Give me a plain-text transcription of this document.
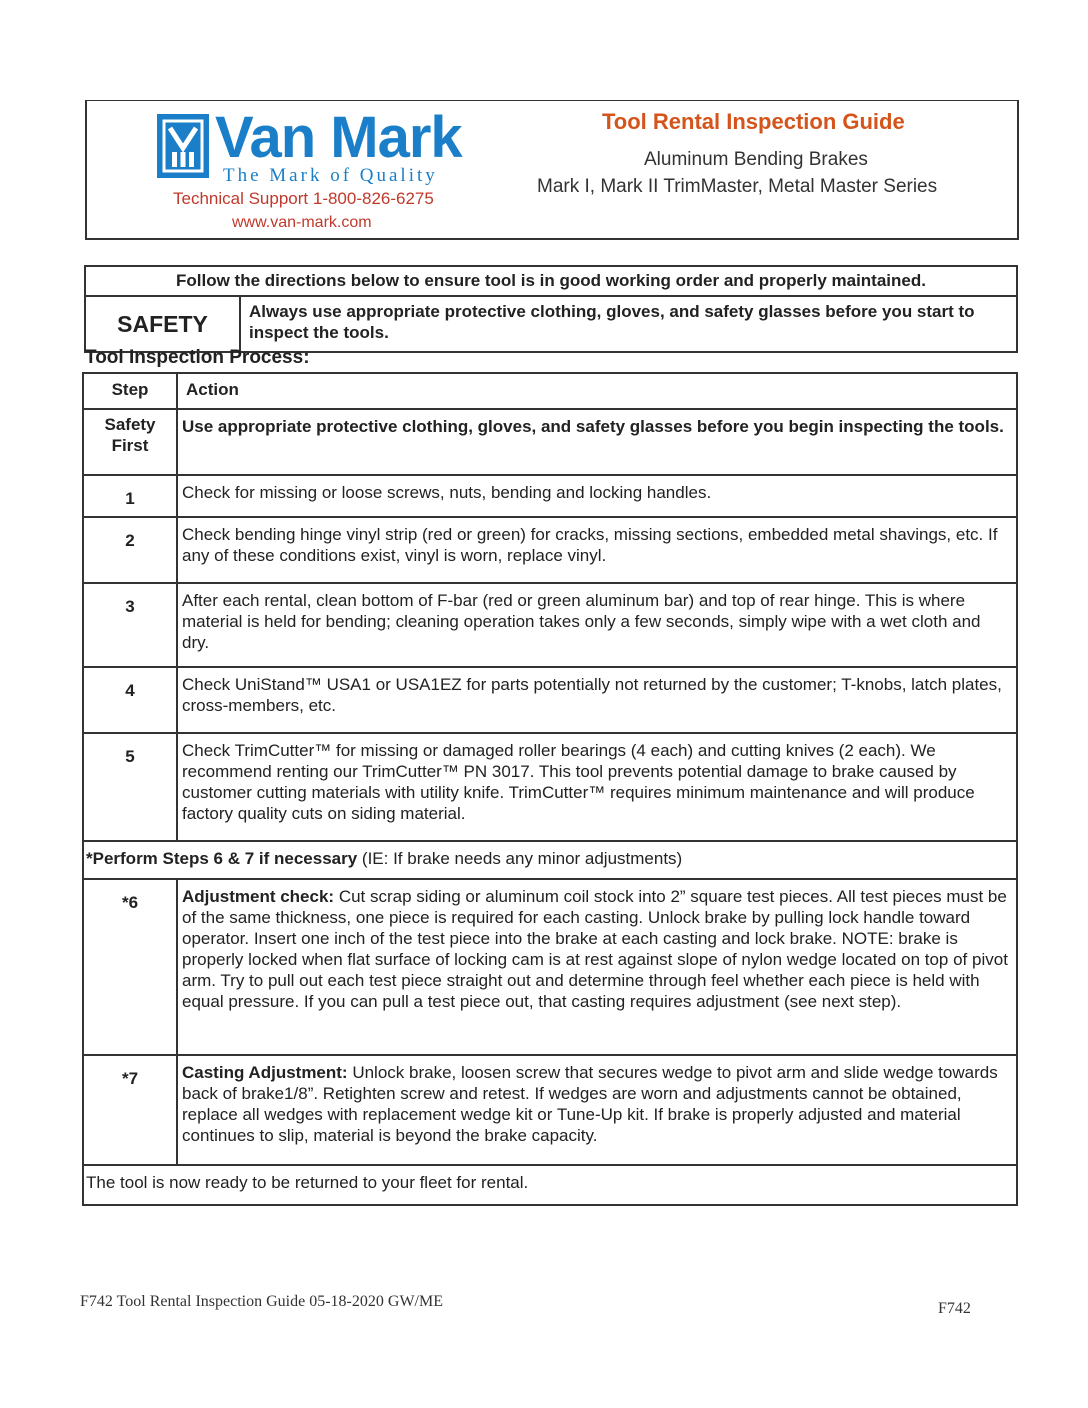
Van Mark
The Mark of Quality
Technical Support 1-800-826-6275
www.van-mark.com
Tool Rental Inspection Guide
Aluminum Bending Brakes
Mark I, Mark II TrimMaster, Metal Master Series
Follow the directions below to ensure tool is in good working order and properly maintained.
SAFETY	Always use appropriate protective clothing, gloves, and safety glasses before you start to inspect the tools.
Tool Inspection Process:
Step	Action
Safety First	Use appropriate protective clothing, gloves, and safety glasses before you begin inspecting the tools.
1	Check for missing or loose screws, nuts, bending and locking handles.
2	Check bending hinge vinyl strip (red or green) for cracks, missing sections, embedded metal shavings, etc. If any of these conditions exist, vinyl is worn, replace vinyl.
3	After each rental, clean bottom of F-bar (red or green aluminum bar) and top of rear hinge. This is where material is held for bending; cleaning operation takes only a few seconds, simply wipe with a wet cloth and dry.
4	Check UniStand™ USA1 or USA1EZ for parts potentially not returned by the customer; T-knobs, latch plates, cross-members, etc.
5	Check TrimCutter™ for missing or damaged roller bearings (4 each) and cutting knives (2 each). We recommend renting our TrimCutter™ PN 3017. This tool prevents potential damage to brake caused by customer cutting materials with utility knife. TrimCutter™ requires minimum maintenance and will produce factory quality cuts on siding material.
*Perform Steps 6 & 7 if necessary (IE: If brake needs any minor adjustments)	
*6	Adjustment check: Cut scrap siding or aluminum coil stock into 2” square test pieces. All test pieces must be of the same thickness, one piece is required for each casting. Unlock brake by pulling lock handle toward operator. Insert one inch of the test piece into the brake at each casting and lock brake. NOTE: brake is properly locked when flat surface of locking cam is at rest against slope of nylon wedge located on top of pivot arm. Try to pull out each test piece straight out and determine through feel whether each piece is held with equal pressure. If you can pull a test piece out, that casting requires adjustment (see next step).
*7	Casting Adjustment: Unlock brake, loosen screw that secures wedge to pivot arm and slide wedge towards back of brake1/8”. Retighten screw and retest. If wedges are worn and adjustments cannot be obtained, replace all wedges with replacement wedge kit or Tune-Up kit. If brake is properly adjusted and material continues to slip, material is beyond the brake capacity.
The tool is now ready to be returned to your fleet for rental.	
F742 Tool Rental Inspection Guide 05-18-2020 GW/ME	F742
